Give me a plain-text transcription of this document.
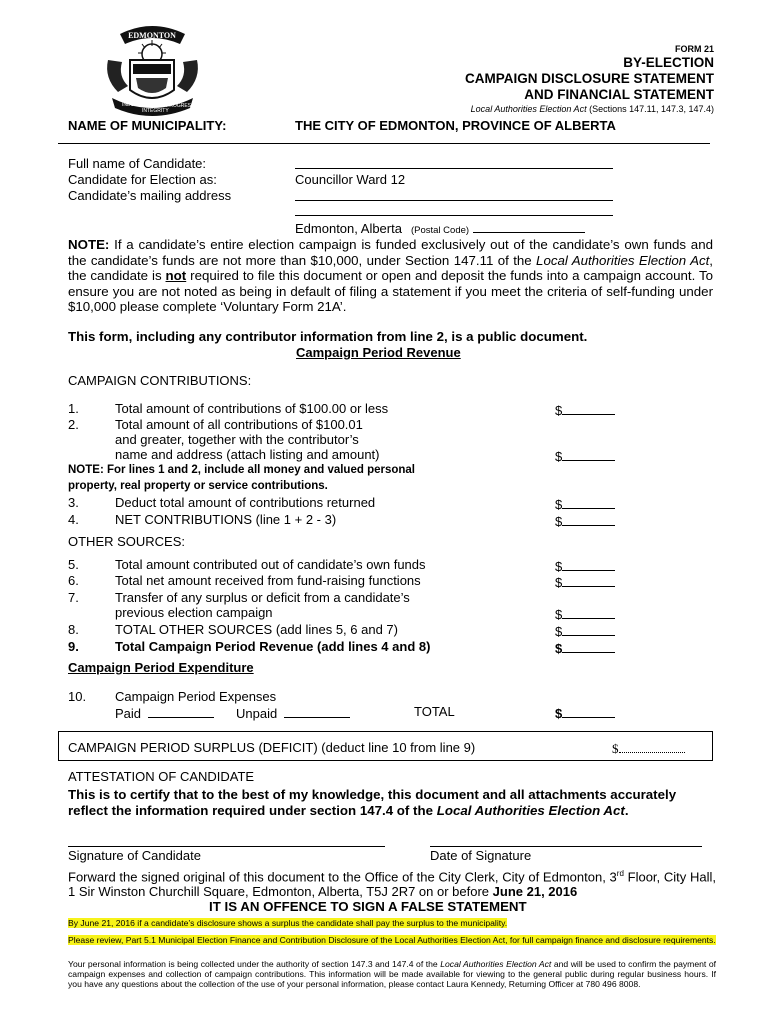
EDMONTON
INDUSTRY
INTEGRITY
PROGRESS
FORM 21
BY-ELECTION
CAMPAIGN DISCLOSURE STATEMENT
AND FINANCIAL STATEMENT
Local Authorities Election Act (Sections 147.11, 147.3, 147.4)
NAME OF MUNICIPALITY:	THE CITY OF EDMONTON, PROVINCE OF ALBERTA
Full name of Candidate:
Candidate for Election as:	Councillor Ward 12
Candidate’s mailing address
Edmonton, Alberta (Postal Code)
NOTE: If a candidate’s entire election campaign is funded exclusively out of the candidate’s own funds and the candidate’s funds are not more than $10,000, under Section 147.11 of the Local Authorities Election Act, the candidate is not required to file this document or open and deposit the funds into a campaign account. To ensure you are not noted as being in default of filing a statement if you meet the criteria of self-funding under $10,000 please complete ‘Voluntary Form 21A’.
This form, including any contributor information from line 2, is a public document.
Campaign Period Revenue
CAMPAIGN CONTRIBUTIONS:
1.	Total amount of contributions of $100.00 or less	$
2.	Total amount of all contributions of $100.01
and greater, together with the contributor’s
name and address (attach listing and amount)	$
NOTE: For lines 1 and 2, include all money and valued personal
property, real property or service contributions.
3.	Deduct total amount of contributions returned	$
4.	NET CONTRIBUTIONS (line 1 + 2 - 3)	$
OTHER SOURCES:
5.	Total amount contributed out of candidate’s own funds	$
6.	Total net amount received from fund-raising functions	$
7.	Transfer of any surplus or deficit from a candidate’s
previous election campaign	$
8.	TOTAL OTHER SOURCES (add lines 5, 6 and 7)	$
9.	Total Campaign Period Revenue (add lines 4 and 8)	$
Campaign Period Expenditure
10. Campaign Period Expenses
Paid	Unpaid	TOTAL	$
CAMPAIGN PERIOD SURPLUS (DEFICIT) (deduct line 10 from line 9)	$
ATTESTATION OF CANDIDATE
This is to certify that to the best of my knowledge, this document and all attachments accurately reflect the information required under section 147.4 of the Local Authorities Election Act.
Signature of Candidate	Date of Signature
Forward the signed original of this document to the Office of the City Clerk, City of Edmonton, 3rd Floor, City Hall, 1 Sir Winston Churchill Square, Edmonton, Alberta, T5J 2R7 on or before June 21, 2016
IT IS AN OFFENCE TO SIGN A FALSE STATEMENT
By June 21, 2016 if a candidate’s disclosure shows a surplus the candidate shall pay the surplus to the municipality.
Please review, Part 5.1 Municipal Election Finance and Contribution Disclosure of the Local Authorities Election Act, for full campaign finance and disclosure requirements.
Your personal information is being collected under the authority of section 147.3 and 147.4 of the Local Authorities Election Act and will be used to confirm the payment of campaign expenses and collection of campaign contributions. This information will be made available for viewing to the general public during regular business hours. If you have any questions about the collection of the use of your personal information, please contact Laura Kennedy, Returning Officer at 780 496 8008.
